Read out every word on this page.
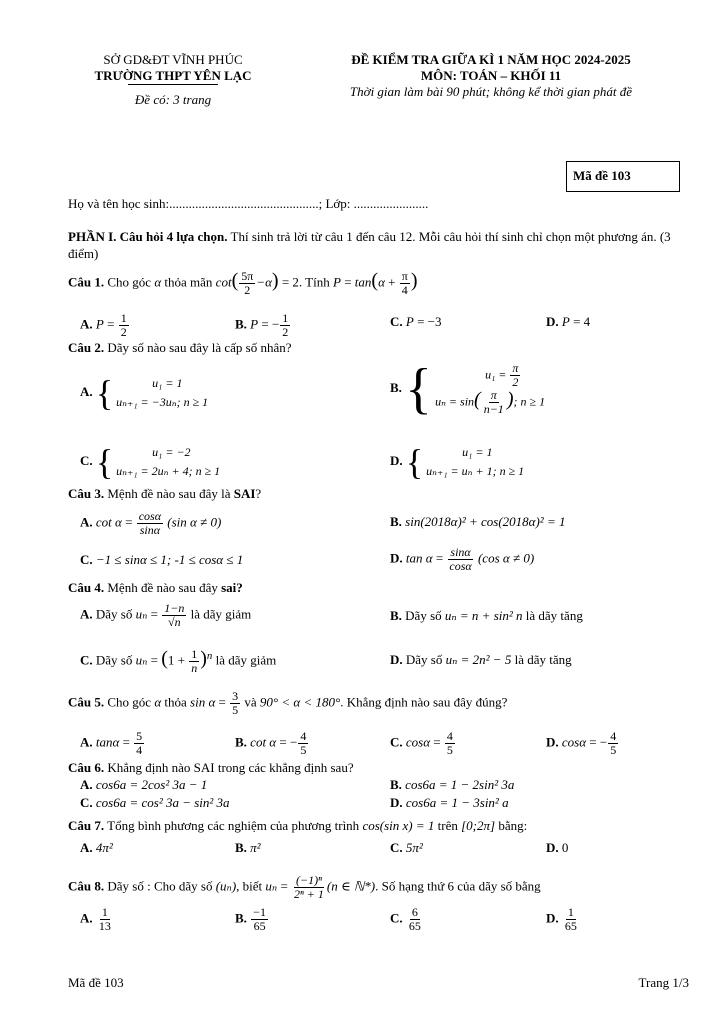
SỞ GD&ĐT VĨNH PHÚC
TRƯỜNG THPT YÊN LẠC
Đề có: 3 trang
ĐỀ KIỂM TRA GIỮA KÌ 1 NĂM HỌC 2024-2025
MÔN: TOÁN – KHỐI 11
Thời gian làm bài 90 phút; không kể thời gian phát đề
Mã đề 103
Họ và tên học sinh:..............................................; Lớp: .......................
PHẦN I. Câu hỏi 4 lựa chọn. Thí sinh trả lời từ câu 1 đến câu 12. Mỗi câu hỏi thí sinh chỉ chọn một phương án. (3 điểm)
Câu 1. Cho góc α thỏa mãn $\cot( \frac{5\pi}{2} -\alpha) = 2$. Tính $P = \tan(\alpha + \frac{\pi}{4}$ )
A. $P = \frac{1}{2}$	B. P = − $\frac{1}{2}$	C. P = −3	D. P = 4
Câu 2. Dãy số nào sau đây là cấp số nhân?
A. {	u₁ = 1
uₙ₊₁ = −3uₙ; n ≥ 1
B. {	$u_1 = \frac{\pi}{2}$
$u_n = \sin( \frac{\pi}{n-1}$ ); n ≥ 1
C. {	u₁ = −2
uₙ₊₁ = 2uₙ + 4; n ≥ 1
D. {	u₁ = 1
uₙ₊₁ = uₙ + 1; n ≥ 1
Câu 3. Mệnh đề nào sau đây là SAI?
A. $\cot \alpha = \frac{\cos\alpha}{\sin\alpha} (\sin$ α ≠ 0)	B. sin(2018α)² + cos(2018α)² = 1
C. −1 ≤ sinα ≤ 1; -1 ≤ cosα ≤ 1	D. $\tan \alpha = \frac{\sin\alpha}{\cos\alpha} (\cos$ α ≠ 0)
Câu 4. Mệnh đề nào sau đây sai?
A. Dãy số $u_n = \frac{1-n}{√n}$ là dãy giảm	B. Dãy số uₙ = n + sin² n là dãy tăng
C. Dãy số $u_n = (1 + \frac{1}{n} )^n$ là dãy giảm	D. Dãy số uₙ = 2n² − 5 là dãy tăng
Câu 5. Cho góc α thỏa $\sin \alpha = \frac{3}{5}$ và 90° < α < 180°. Khẳng định nào sau đây đúng?
A. $\tan\alpha = \frac{5}{4}$	B. cot α = − $\frac{4}{5}$	C. $\cos\alpha = \frac{4}{5}$	D. cosα = − $\frac{4}{5}$
Câu 6. Khẳng định nào SAI trong các khẳng định sau?
A. cos6a = 2cos² 3a − 1	B. cos6a = 1 − 2sin² 3a
C. cos6a = cos² 3a − sin² 3a	D. cos6a = 1 − 3sin² a
Câu 7. Tổng bình phương các nghiệm của phương trình cos(sin x) = 1 trên [0;2π] bằng:
A. 4π²	B. π²	C. 5π²	D. 0
Câu 8. Dãy số : Cho dãy số (uₙ), biết $u_n = \frac{\text{(−1)ⁿ}}{\text{2ⁿ + 1}} (n$ ∈ ℕ*). Số hạng thứ 6 của dãy số bằng
A. $\frac{1}{13}$	B. $\frac{-1}{65}$	C. $\frac{6}{65}$	D. $\frac{1}{65}$
Mã đề 103	Trang 1/3
